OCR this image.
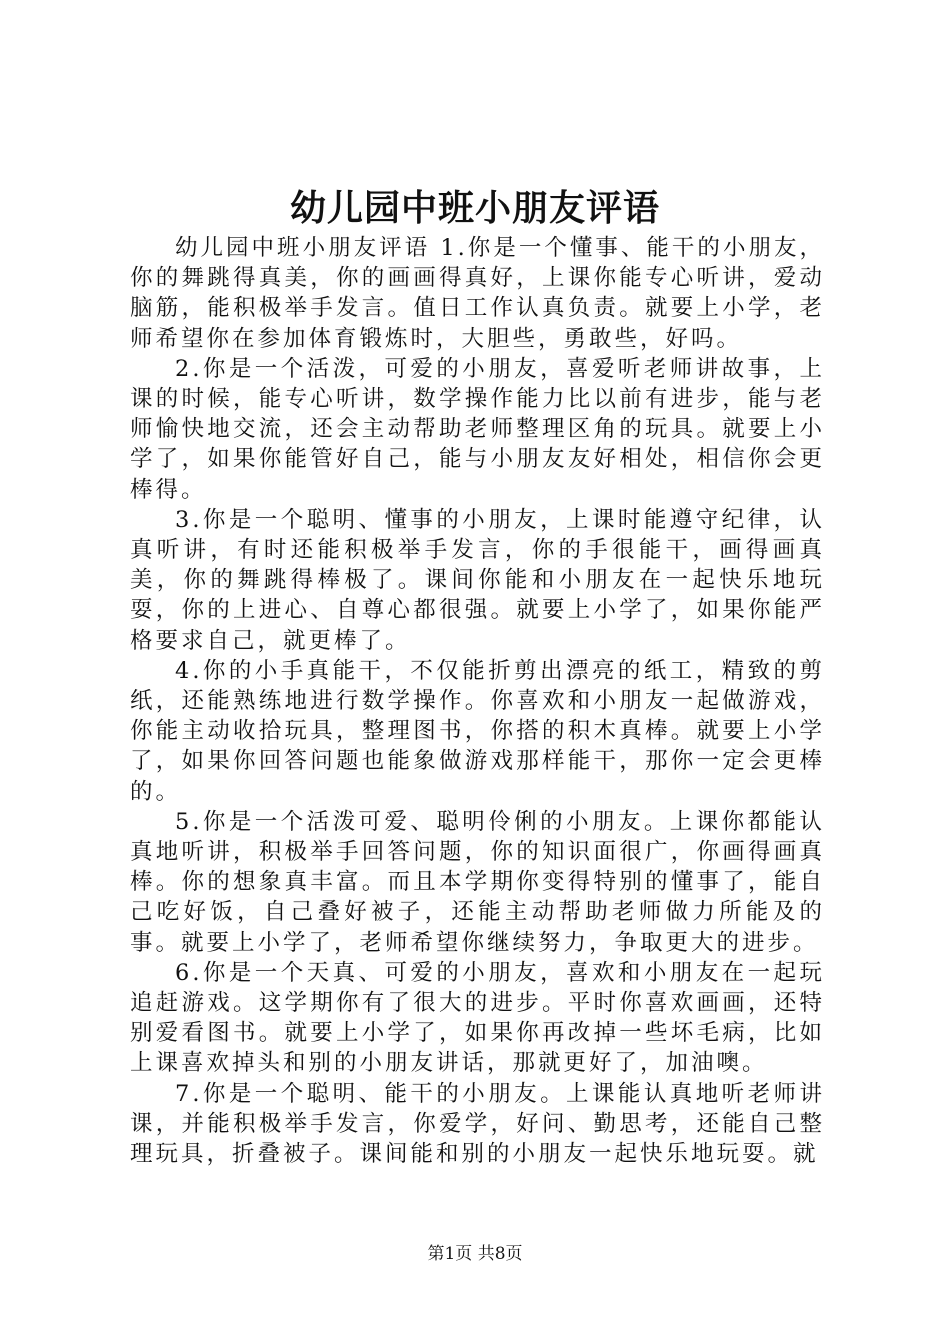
幼儿园中班小朋友评语

幼儿园中班小朋友评语 1.你是一个懂事、能干的小朋友，你的舞跳得真美，你的画画得真好，上课你能专心听讲，爱动脑筋，能积极举手发言。值日工作认真负责。就要上小学，老师希望你在参加体育锻炼时，大胆些，勇敢些，好吗。

2.你是一个活泼，可爱的小朋友，喜爱听老师讲故事，上课的时候，能专心听讲，数学操作能力比以前有进步，能与老师愉快地交流，还会主动帮助老师整理区角的玩具。就要上小学了，如果你能管好自己，能与小朋友友好相处，相信你会更棒得。

3.你是一个聪明、懂事的小朋友，上课时能遵守纪律，认真听讲，有时还能积极举手发言，你的手很能干，画得画真美，你的舞跳得棒极了。课间你能和小朋友在一起快乐地玩耍，你的上进心、自尊心都很强。就要上小学了，如果你能严格要求自己，就更棒了。

4.你的小手真能干，不仅能折剪出漂亮的纸工，精致的剪纸，还能熟练地进行数学操作。你喜欢和小朋友一起做游戏，你能主动收拾玩具，整理图书，你搭的积木真棒。就要上小学了，如果你回答问题也能象做游戏那样能干，那你一定会更棒的。

5.你是一个活泼可爱、聪明伶俐的小朋友。上课你都能认真地听讲，积极举手回答问题，你的知识面很广，你画得画真棒。你的想象真丰富。而且本学期你变得特别的懂事了，能自己吃好饭，自己叠好被子，还能主动帮助老师做力所能及的事。就要上小学了，老师希望你继续努力，争取更大的进步。

6.你是一个天真、可爱的小朋友，喜欢和小朋友在一起玩追赶游戏。这学期你有了很大的进步。平时你喜欢画画，还特别爱看图书。就要上小学了，如果你再改掉一些坏毛病，比如上课喜欢掉头和别的小朋友讲话，那就更好了，加油噢。

7.你是一个聪明、能干的小朋友。上课能认真地听老师讲课，并能积极举手发言，你爱学，好问、勤思考，还能自己整理玩具，折叠被子。课间能和别的小朋友一起快乐地玩耍。就

第1页 共8页
